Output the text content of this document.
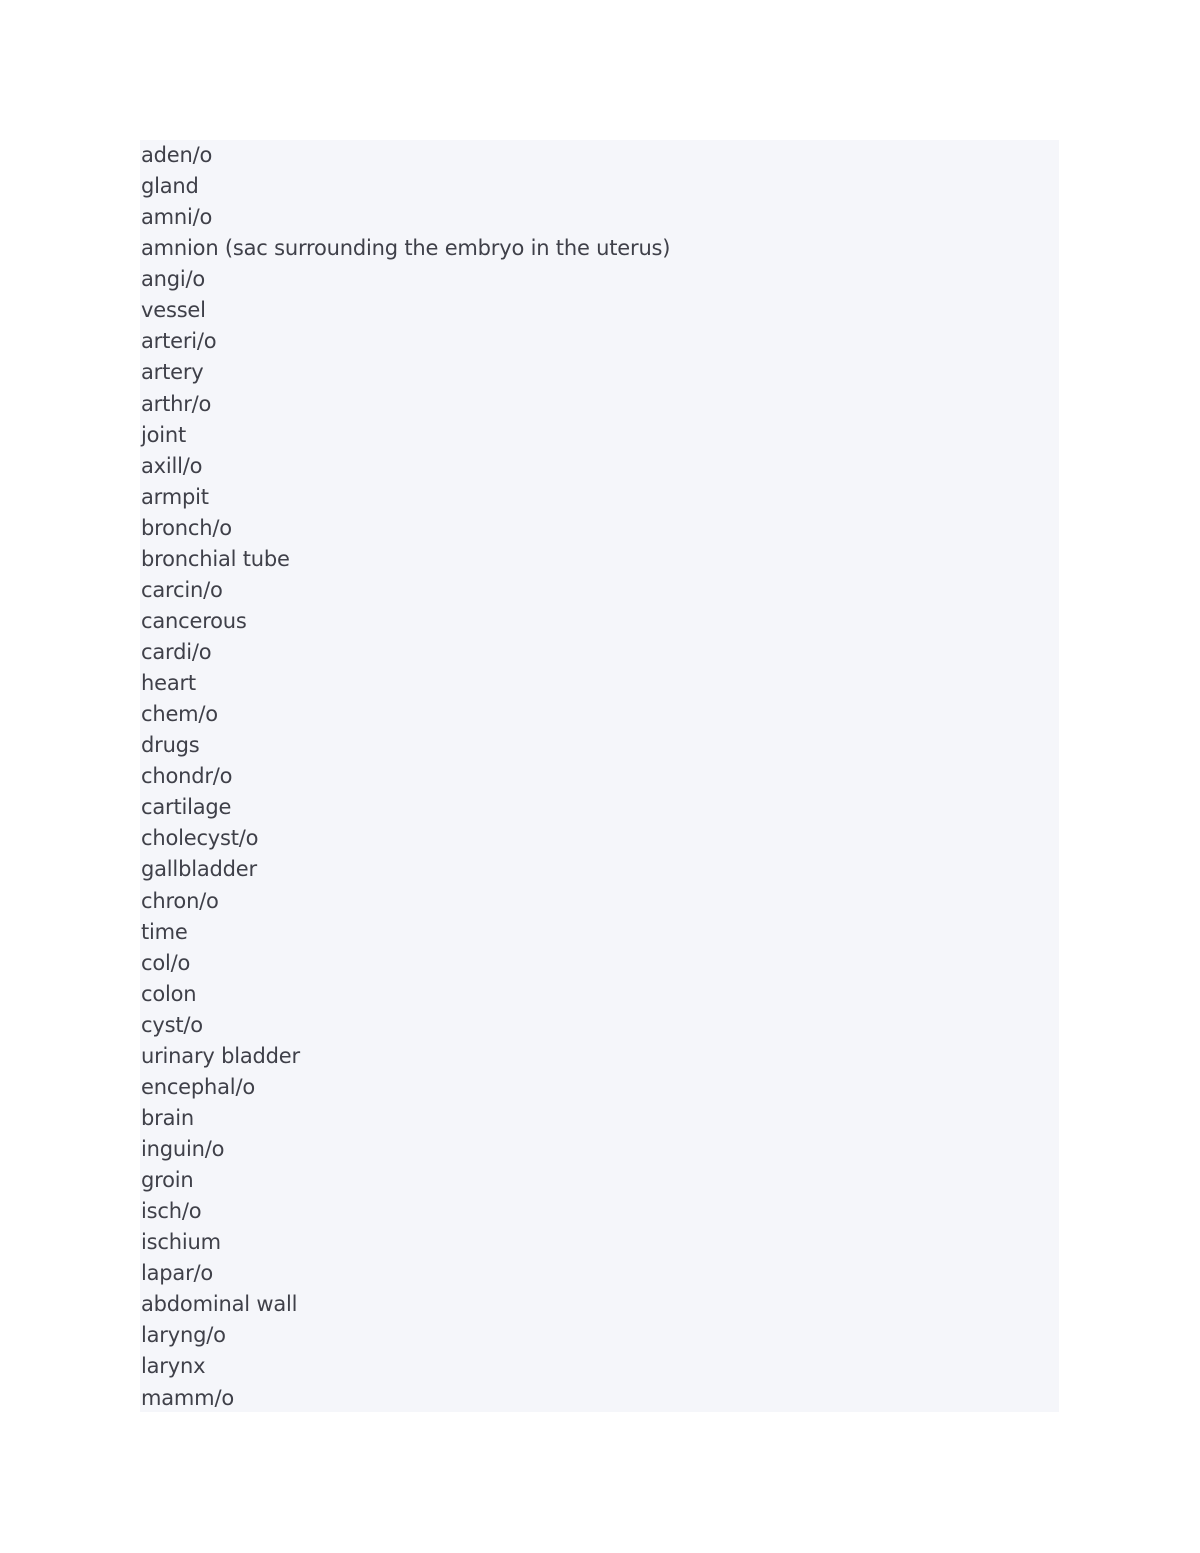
aden/o
gland
amni/o
amnion (sac surrounding the embryo in the uterus)
angi/o
vessel
arteri/o
artery
arthr/o
joint
axill/o
armpit
bronch/o
bronchial tube
carcin/o
cancerous
cardi/o
heart
chem/o
drugs
chondr/o
cartilage
cholecyst/o
gallbladder
chron/o
time
col/o
colon
cyst/o
urinary bladder
encephal/o
brain
inguin/o
groin
isch/o
ischium
lapar/o
abdominal wall
laryng/o
larynx
mamm/o
